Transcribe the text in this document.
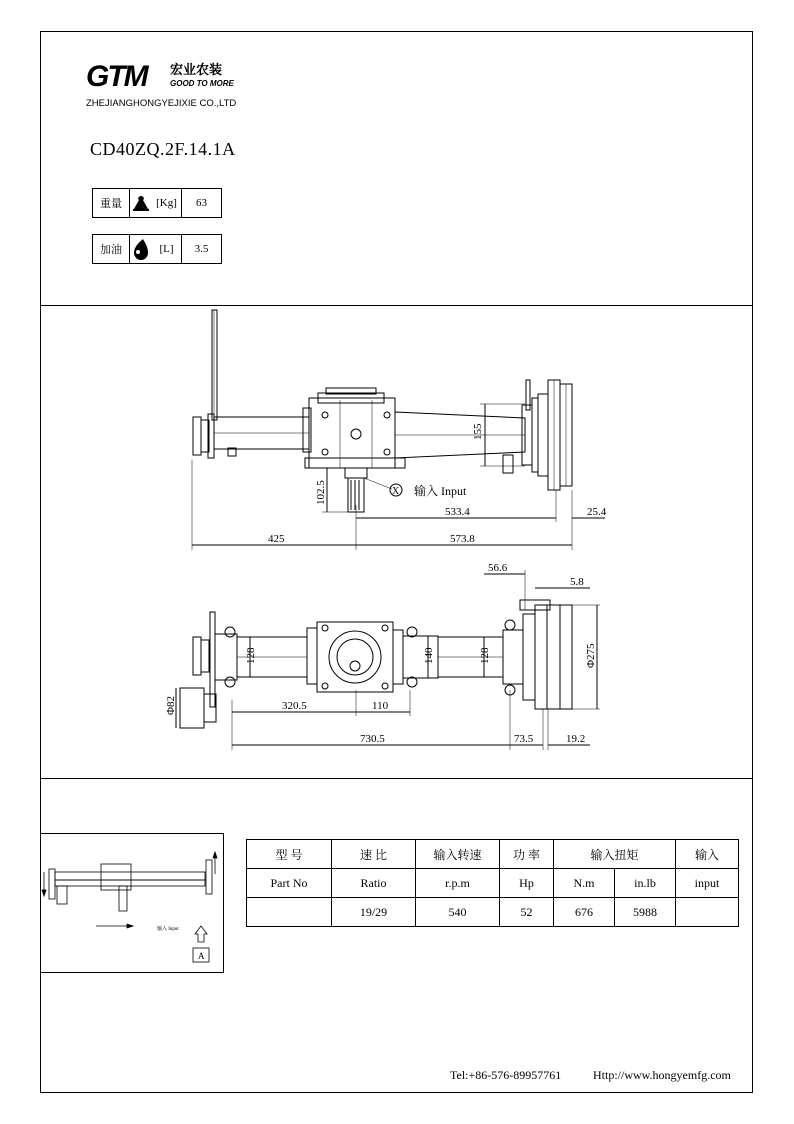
GTM 宏业农装
GOOD TO MORE
ZHEJIANGHONGYEJIXIE CO.,LTD
CD40ZQ.2F.14.1A
重量	[Kg]	63
加油	[L]	3.5
155
102.5
533.4	25.4
425	573.8
X 输入 Input
56.6
5.8
128	140	128	Φ275
Φ82	320.5	110
730.5	73.5	19.2
输入 Input
A
型 号	速 比	输入转速	功 率	输入扭矩		输入
Part No	Ratio	r.p.m	Hp	N.m	in.lb	input
	19/29	540	52	676	5988	
Tel:+86-576-89957761	Http://www.hongyemfg.com
